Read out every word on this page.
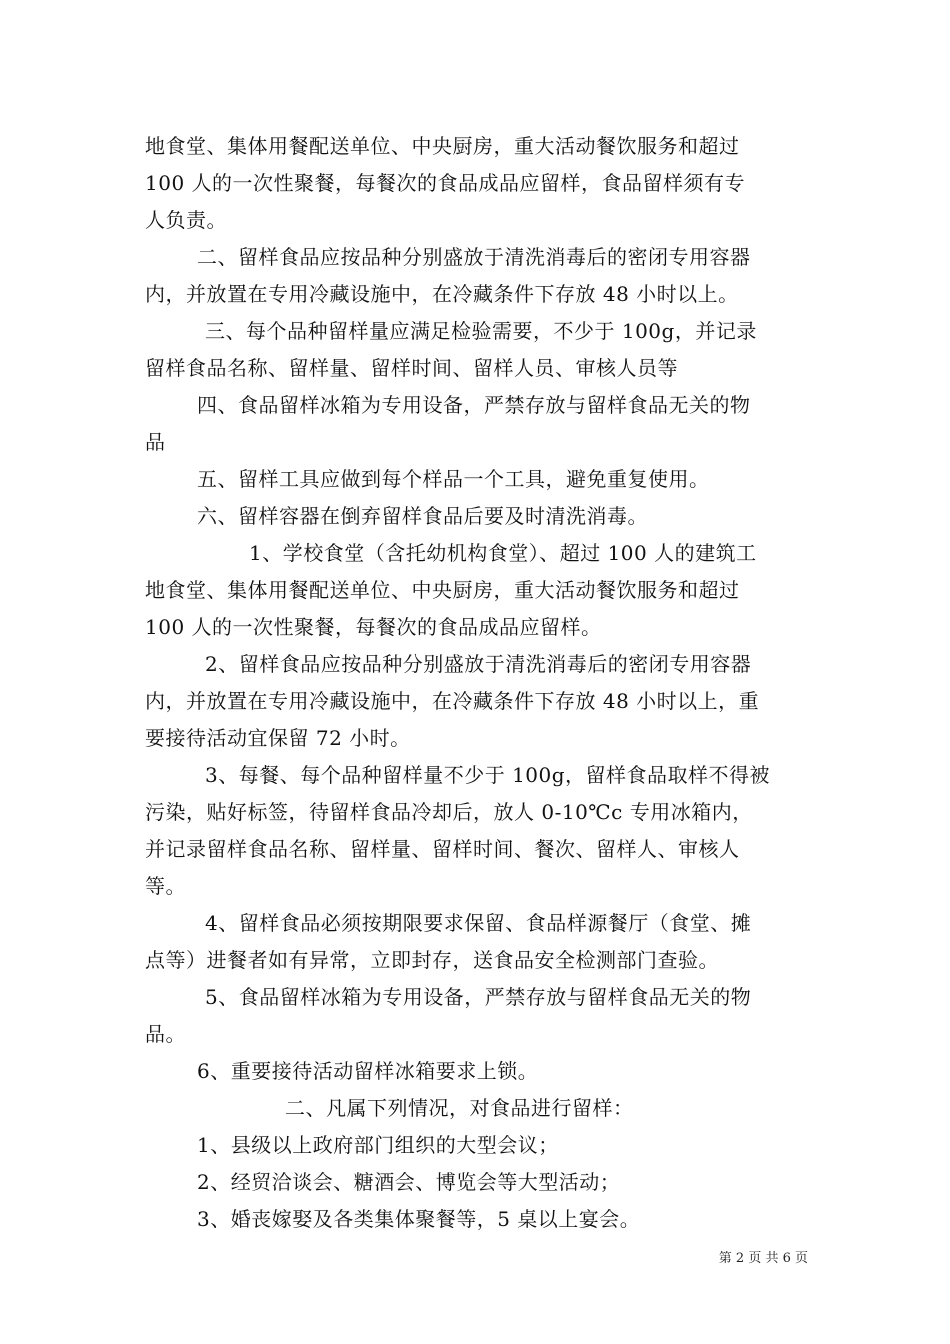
地食堂、集体用餐配送单位、中央厨房，重大活动餐饮服务和超过
100 人的一次性聚餐，每餐次的食品成品应留样，食品留样须有专
人负责。
二、留样食品应按品种分别盛放于清洗消毒后的密闭专用容器
内，并放置在专用冷藏设施中，在冷藏条件下存放 48 小时以上。
三、每个品种留样量应满足检验需要，不少于 100g，并记录
留样食品名称、留样量、留样时间、留样人员、审核人员等
四、食品留样冰箱为专用设备，严禁存放与留样食品无关的物
品
五、留样工具应做到每个样品一个工具，避免重复使用。
六、留样容器在倒弃留样食品后要及时清洗消毒。
1、学校食堂（含托幼机构食堂）、超过 100 人的建筑工
地食堂、集体用餐配送单位、中央厨房，重大活动餐饮服务和超过
100 人的一次性聚餐，每餐次的食品成品应留样。
2、留样食品应按品种分别盛放于清洗消毒后的密闭专用容器
内，并放置在专用冷藏设施中，在冷藏条件下存放 48 小时以上，重
要接待活动宜保留 72 小时。
3、每餐、每个品种留样量不少于 100g，留样食品取样不得被
污染，贴好标签，待留样食品冷却后，放人 0-10℃c 专用冰箱内，
并记录留样食品名称、留样量、留样时间、餐次、留样人、审核人
等。
4、留样食品必须按期限要求保留、食品样源餐厅（食堂、摊
点等）进餐者如有异常，立即封存，送食品安全检测部门查验。
5、食品留样冰箱为专用设备，严禁存放与留样食品无关的物
品。
6、重要接待活动留样冰箱要求上锁。
二、凡属下列情况，对食品进行留样：
1、县级以上政府部门组织的大型会议；
2、经贸洽谈会、糖酒会、博览会等大型活动；
3、婚丧嫁娶及各类集体聚餐等，5 桌以上宴会。
第 2 页 共 6 页
